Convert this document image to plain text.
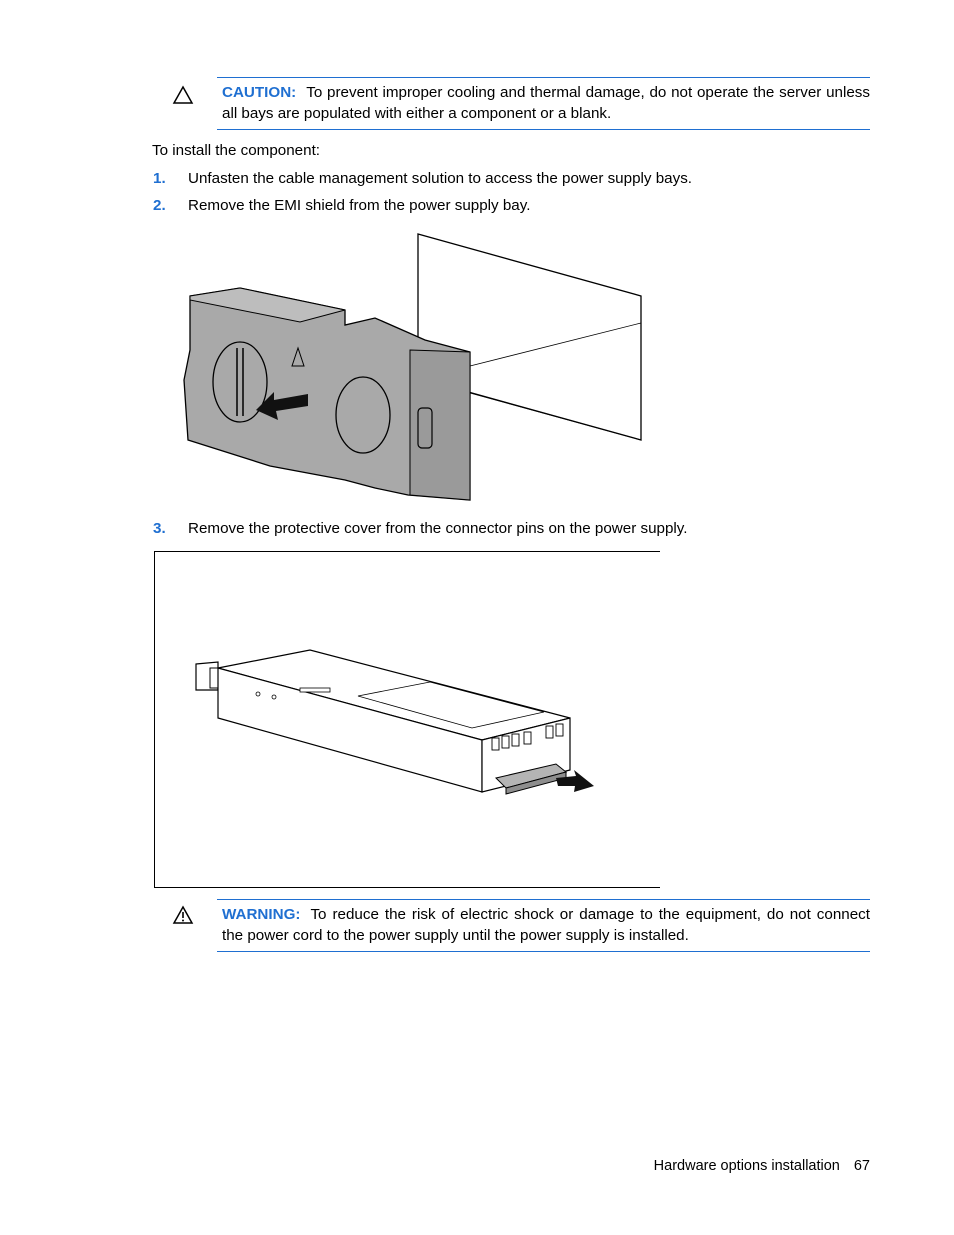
CAUTION: To prevent improper cooling and thermal damage, do not operate the server unless all bays are populated with either a component or a blank.
To install the component:
1. Unfasten the cable management solution to access the power supply bays.
2. Remove the EMI shield from the power supply bay.
3. Remove the protective cover from the connector pins on the power supply.
WARNING: To reduce the risk of electric shock or damage to the equipment, do not connect the power cord to the power supply until the power supply is installed.
Hardware options installation 67
